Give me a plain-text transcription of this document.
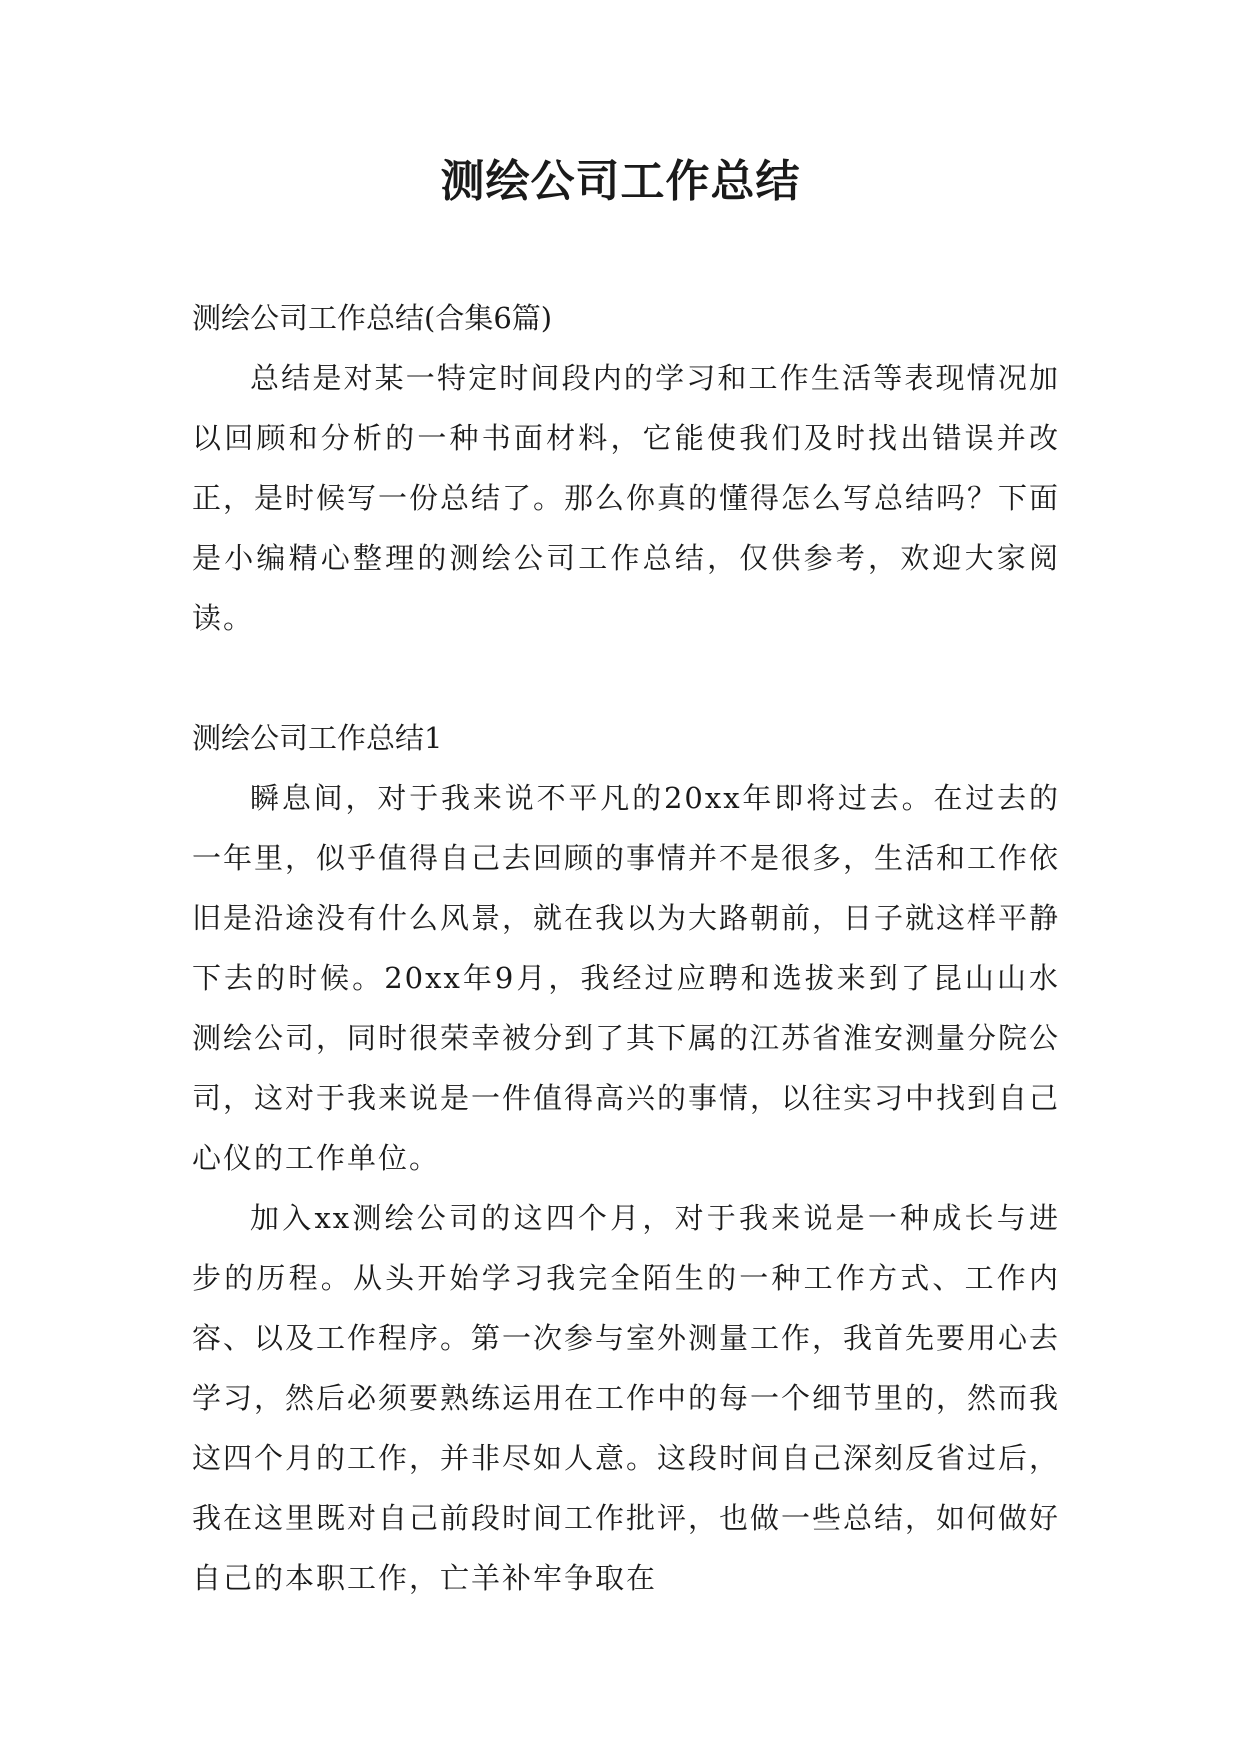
测绘公司工作总结

测绘公司工作总结(合集6篇)

总结是对某一特定时间段内的学习和工作生活等表现情况加以回顾和分析的一种书面材料，它能使我们及时找出错误并改正，是时候写一份总结了。那么你真的懂得怎么写总结吗？下面是小编精心整理的测绘公司工作总结，仅供参考，欢迎大家阅读。

测绘公司工作总结1

瞬息间，对于我来说不平凡的20xx年即将过去。在过去的一年里，似乎值得自己去回顾的事情并不是很多，生活和工作依旧是沿途没有什么风景，就在我以为大路朝前，日子就这样平静下去的时候。20xx年9月，我经过应聘和选拔来到了昆山山水测绘公司，同时很荣幸被分到了其下属的江苏省淮安测量分院公司，这对于我来说是一件值得高兴的事情，以往实习中找到自己心仪的工作单位。

加入xx测绘公司的这四个月，对于我来说是一种成长与进步的历程。从头开始学习我完全陌生的一种工作方式、工作内容、以及工作程序。第一次参与室外测量工作，我首先要用心去学习，然后必须要熟练运用在工作中的每一个细节里的，然而我这四个月的工作，并非尽如人意。这段时间自己深刻反省过后，我在这里既对自己前段时间工作批评，也做一些总结，如何做好自己的本职工作，亡羊补牢争取在
